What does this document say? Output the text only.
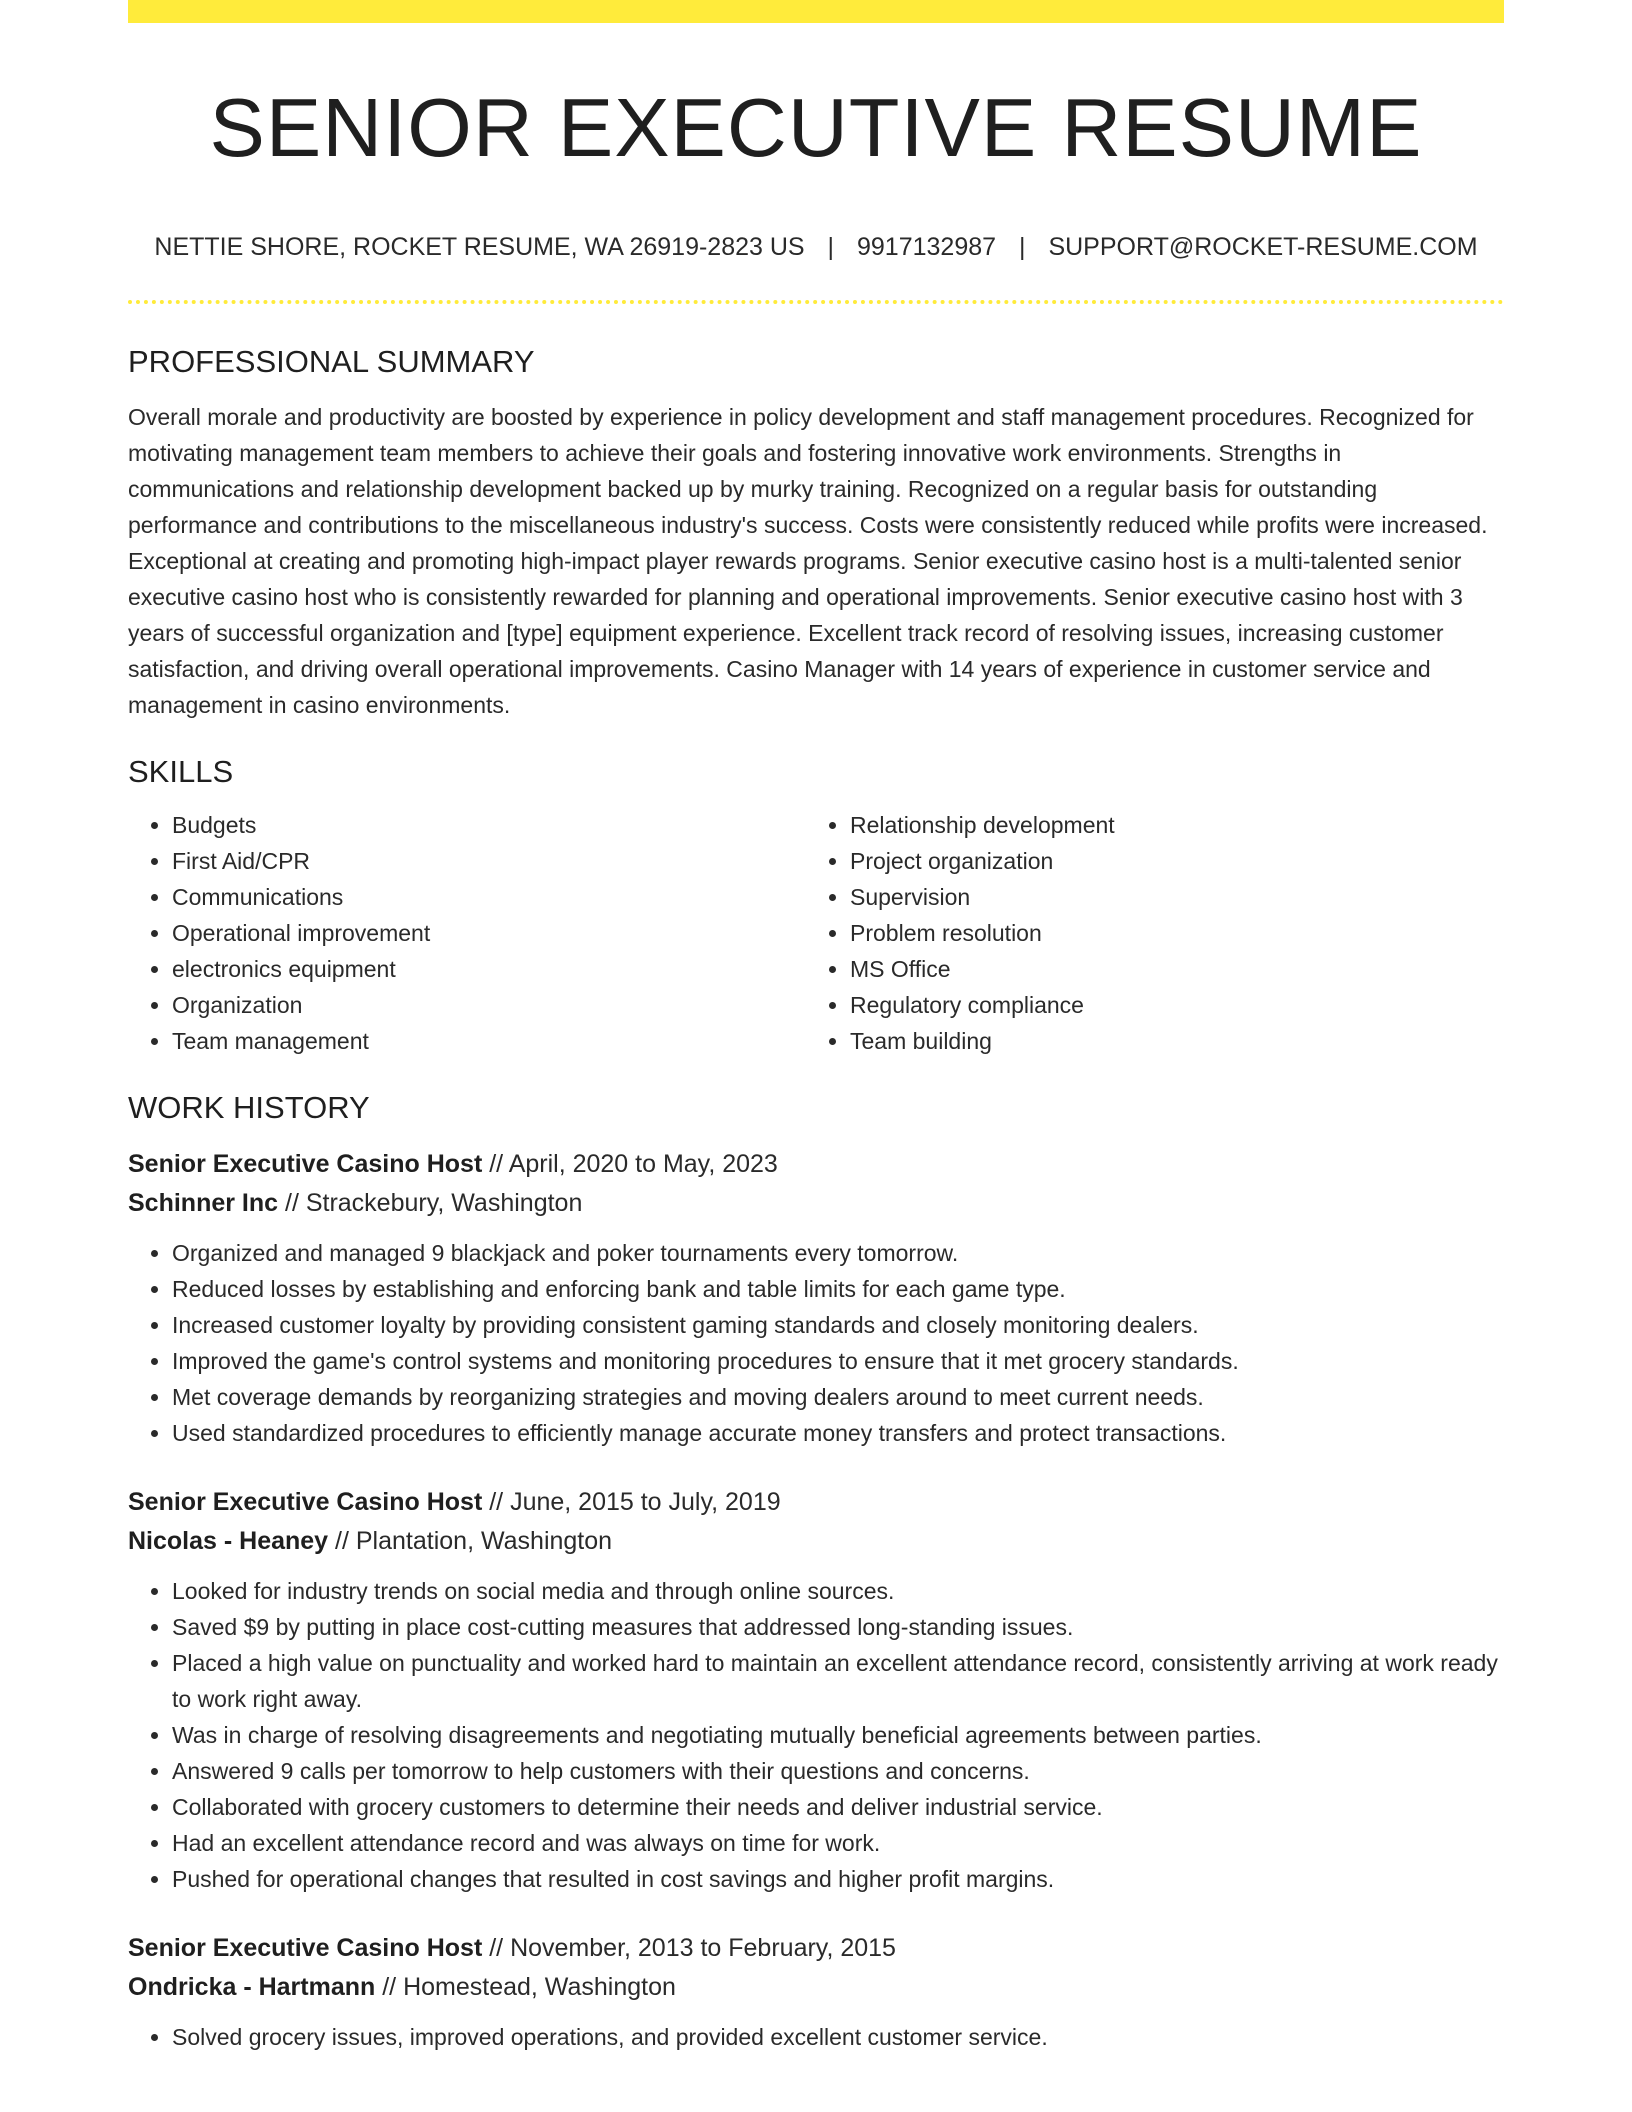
SENIOR EXECUTIVE RESUME
NETTIE SHORE, ROCKET RESUME, WA 26919-2823 US | 9917132987 | SUPPORT@ROCKET-RESUME.COM
PROFESSIONAL SUMMARY

Overall morale and productivity are boosted by experience in policy development and staff management procedures. Recognized for motivating management team members to achieve their goals and fostering innovative work environments. Strengths in communications and relationship development backed up by murky training. Recognized on a regular basis for outstanding performance and contributions to the miscellaneous industry's success. Costs were consistently reduced while profits were increased. Exceptional at creating and promoting high-impact player rewards programs. Senior executive casino host is a multi-talented senior executive casino host who is consistently rewarded for planning and operational improvements. Senior executive casino host with 3 years of successful organization and [type] equipment experience. Excellent track record of resolving issues, increasing customer satisfaction, and driving overall operational improvements. Casino Manager with 14 years of experience in customer service and management in casino environments.

SKILLS
• Budgets
• First Aid/CPR
• Communications
• Operational improvement
• electronics equipment
• Organization
• Team management
• Relationship development
• Project organization
• Supervision
• Problem resolution
• MS Office
• Regulatory compliance
• Team building
WORK HISTORY
Senior Executive Casino Host // April, 2020 to May, 2023
Schinner Inc // Strackebury, Washington
• Organized and managed 9 blackjack and poker tournaments every tomorrow.
• Reduced losses by establishing and enforcing bank and table limits for each game type.
• Increased customer loyalty by providing consistent gaming standards and closely monitoring dealers.
• Improved the game's control systems and monitoring procedures to ensure that it met grocery standards.
• Met coverage demands by reorganizing strategies and moving dealers around to meet current needs.
• Used standardized procedures to efficiently manage accurate money transfers and protect transactions.
Senior Executive Casino Host // June, 2015 to July, 2019
Nicolas - Heaney // Plantation, Washington
• Looked for industry trends on social media and through online sources.
• Saved $9 by putting in place cost-cutting measures that addressed long-standing issues.
• Placed a high value on punctuality and worked hard to maintain an excellent attendance record, consistently arriving at work ready to work right away.
• Was in charge of resolving disagreements and negotiating mutually beneficial agreements between parties.
• Answered 9 calls per tomorrow to help customers with their questions and concerns.
• Collaborated with grocery customers to determine their needs and deliver industrial service.
• Had an excellent attendance record and was always on time for work.
• Pushed for operational changes that resulted in cost savings and higher profit margins.
Senior Executive Casino Host // November, 2013 to February, 2015
Ondricka - Hartmann // Homestead, Washington
• Solved grocery issues, improved operations, and provided excellent customer service.
